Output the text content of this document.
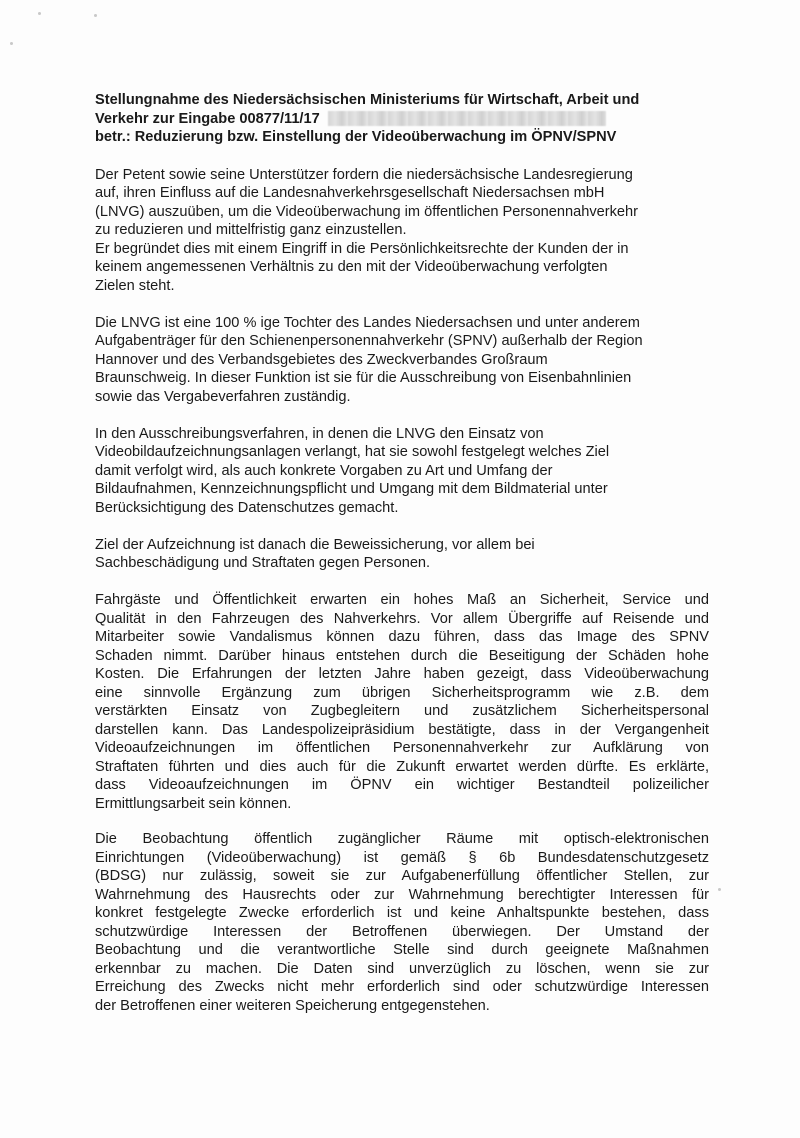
Stellungnahme des Niedersächsischen Ministeriums für Wirtschaft, Arbeit und
Verkehr zur Eingabe 00877/11/17
betr.: Reduzierung bzw. Einstellung der Videoüberwachung im ÖPNV/SPNV
Der Petent sowie seine Unterstützer fordern die niedersächsische Landesregierung
auf, ihren Einfluss auf die Landesnahverkehrsgesellschaft Niedersachsen mbH
(LNVG) auszuüben, um die Videoüberwachung im öffentlichen Personennahverkehr
zu reduzieren und mittelfristig ganz einzustellen.
Er begründet dies mit einem Eingriff in die Persönlichkeitsrechte der Kunden der in
keinem angemessenen Verhältnis zu den mit der Videoüberwachung verfolgten
Zielen steht.
Die LNVG ist eine 100 % ige Tochter des Landes Niedersachsen und unter anderem
Aufgabenträger für den Schienenpersonennahverkehr (SPNV) außerhalb der Region
Hannover und des Verbandsgebietes des Zweckverbandes Großraum
Braunschweig. In dieser Funktion ist sie für die Ausschreibung von Eisenbahnlinien
sowie das Vergabeverfahren zuständig.
In den Ausschreibungsverfahren, in denen die LNVG den Einsatz von
Videobildaufzeichnungsanlagen verlangt, hat sie sowohl festgelegt welches Ziel
damit verfolgt wird, als auch konkrete Vorgaben zu Art und Umfang der
Bildaufnahmen, Kennzeichnungspflicht und Umgang mit dem Bildmaterial unter
Berücksichtigung des Datenschutzes gemacht.
Ziel der Aufzeichnung ist danach die Beweissicherung, vor allem bei
Sachbeschädigung und Straftaten gegen Personen.
Fahrgäste und Öffentlichkeit erwarten ein hohes Maß an Sicherheit, Service und
Qualität in den Fahrzeugen des Nahverkehrs. Vor allem Übergriffe auf Reisende und
Mitarbeiter sowie Vandalismus können dazu führen, dass das Image des SPNV
Schaden nimmt. Darüber hinaus entstehen durch die Beseitigung der Schäden hohe
Kosten. Die Erfahrungen der letzten Jahre haben gezeigt, dass Videoüberwachung
eine sinnvolle Ergänzung zum übrigen Sicherheitsprogramm wie z.B. dem
verstärkten Einsatz von Zugbegleitern und zusätzlichem Sicherheitspersonal
darstellen kann. Das Landespolizeipräsidium bestätigte, dass in der Vergangenheit
Videoaufzeichnungen im öffentlichen Personennahverkehr zur Aufklärung von
Straftaten führten und dies auch für die Zukunft erwartet werden dürfte. Es erklärte,
dass Videoaufzeichnungen im ÖPNV ein wichtiger Bestandteil polizeilicher
Ermittlungsarbeit sein können.
Die Beobachtung öffentlich zugänglicher Räume mit optisch-elektronischen
Einrichtungen (Videoüberwachung) ist gemäß § 6b Bundesdatenschutzgesetz
(BDSG) nur zulässig, soweit sie zur Aufgabenerfüllung öffentlicher Stellen, zur
Wahrnehmung des Hausrechts oder zur Wahrnehmung berechtigter Interessen für
konkret festgelegte Zwecke erforderlich ist und keine Anhaltspunkte bestehen, dass
schutzwürdige Interessen der Betroffenen überwiegen. Der Umstand der
Beobachtung und die verantwortliche Stelle sind durch geeignete Maßnahmen
erkennbar zu machen. Die Daten sind unverzüglich zu löschen, wenn sie zur
Erreichung des Zwecks nicht mehr erforderlich sind oder schutzwürdige Interessen
der Betroffenen einer weiteren Speicherung entgegenstehen.
